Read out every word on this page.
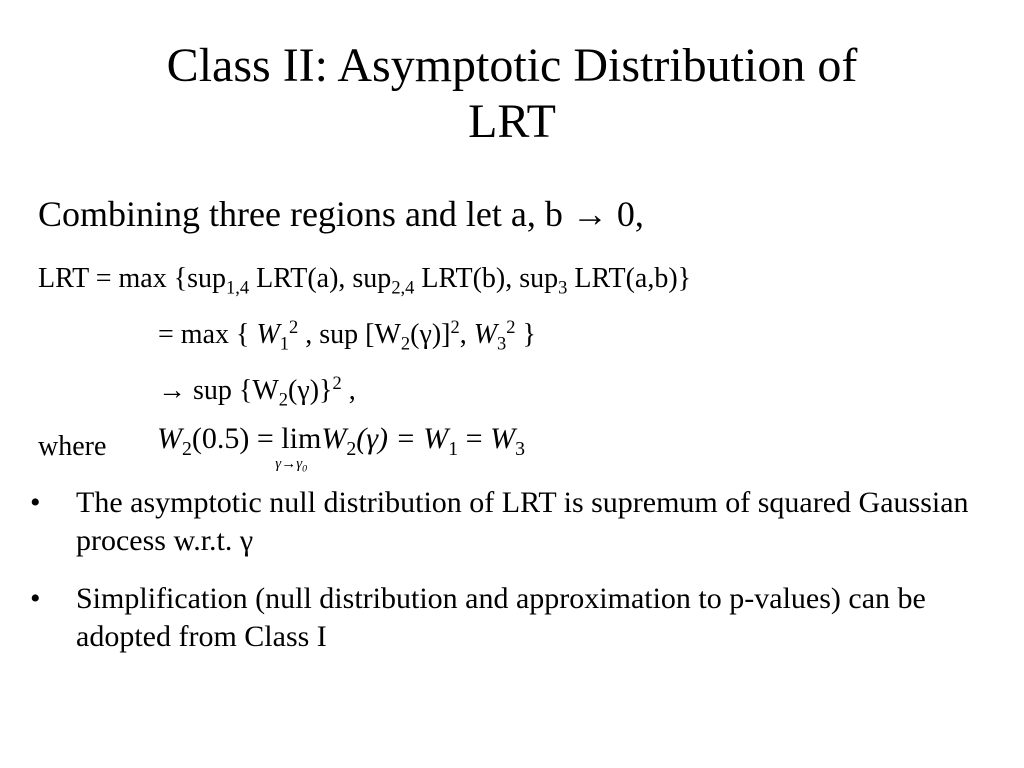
Class II: Asymptotic Distribution of
LRT
Combining three regions and let a, b → 0,
LRT = max {sup$_{1,4}$ LRT(a), sup$_{2,4}$ LRT(b), sup$_3$ LRT(a,b)}
= max { $W_1^2$ , sup $[W_2(\gamma)]^2$, $W_3^2$ }
→ sup $\{W_2(\gamma)\}^2$ ,
where $W_2(0.5) = \lim$
$\gamma\to\gamma_0$
$W_2(\gamma) = W_1 = W_3$
• The asymptotic null distribution of LRT is supremum of squared Gaussian process w.r.t. γ
• Simplification (null distribution and approximation to p-values) can be adopted from Class I
